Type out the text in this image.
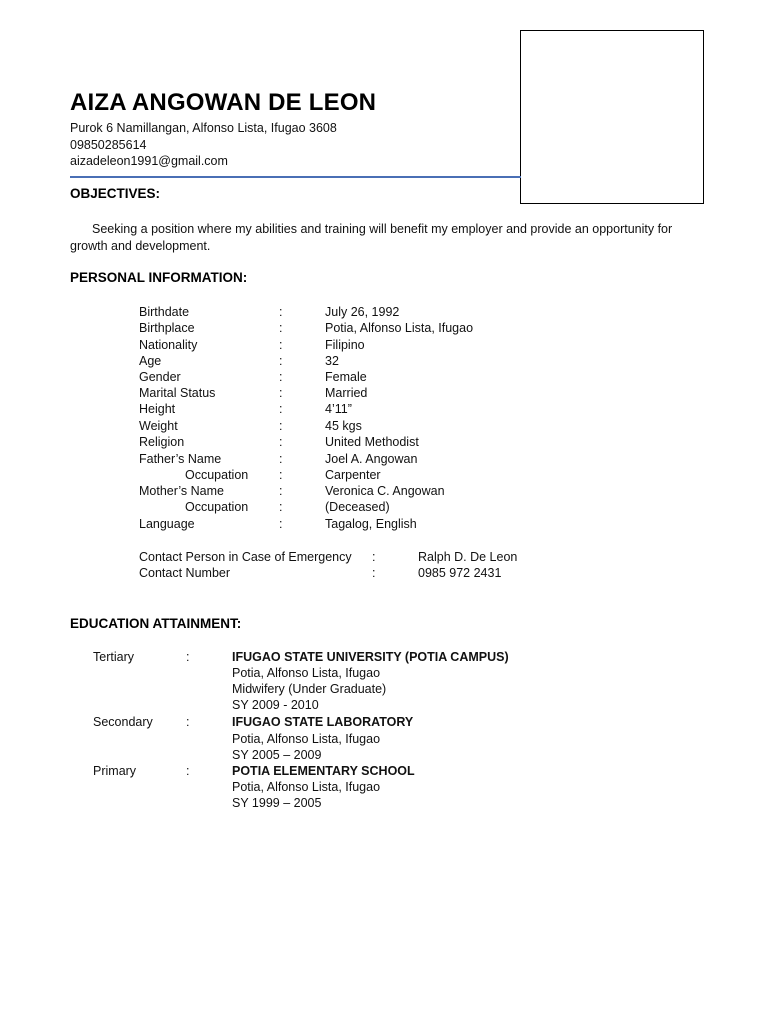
AIZA ANGOWAN DE LEON
Purok 6 Namillangan, Alfonso Lista, Ifugao 3608
09850285614
aizadeleon1991@gmail.com
OBJECTIVES:

Seeking a position where my abilities and training will benefit my employer and provide an opportunity for growth and development.

PERSONAL INFORMATION:
Birthdate	:	July 26, 1992
Birthplace	:	Potia, Alfonso Lista, Ifugao
Nationality	:	Filipino
Age	:	32
Gender	:	Female
Marital Status	:	Married
Height	:	4’11”
Weight	:	45 kgs
Religion	:	United Methodist
Father’s Name	:	Joel A. Angowan
Occupation :	Carpenter
Mother’s Name	:	Veronica C. Angowan
Occupation :	(Deceased)
Language	:	Tagalog, English
Contact Person in Case of Emergency :	Ralph D. De Leon
Contact Number	:	0985 972 2431
EDUCATION ATTAINMENT:
Tertiary	:	IFUGAO STATE UNIVERSITY (POTIA CAMPUS)
Potia, Alfonso Lista, Ifugao
Midwifery (Under Graduate)
SY 2009 - 2010
Secondary	:	IFUGAO STATE LABORATORY
Potia, Alfonso Lista, Ifugao
SY 2005 – 2009
Primary	:	POTIA ELEMENTARY SCHOOL
Potia, Alfonso Lista, Ifugao
SY 1999 – 2005
